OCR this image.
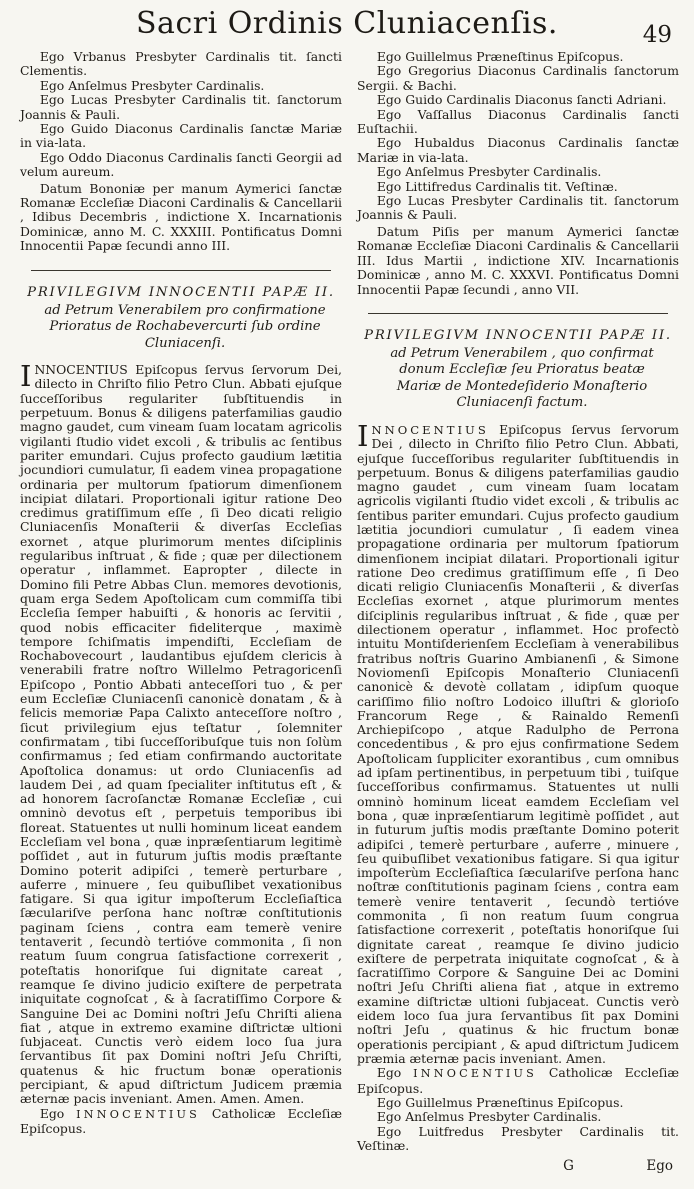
Sacri Ordinis Cluniacenſis.	49

Ego Vrbanus Presbyter Cardinalis tit. ſancti Clementis.

Ego Anſelmus Presbyter Cardinalis.

Ego Lucas Presbyter Cardinalis tit. ſanctorum Joannis & Pauli.

Ego Guido Diaconus Cardinalis ſanctæ Mariæ in via-lata.

Ego Oddo Diaconus Cardinalis ſancti Georgii ad velum aureum.

Datum Bononiæ per manum Aymerici ſanctæ Romanæ Eccleſiæ Diaconi Cardinalis & Cancellarii , Idibus Decembris , indictione X. Incarnationis Dominicæ, anno M. C. XXXIII. Pontificatus Domni Innocentii Papæ ſecundi anno III.

PRIVILEGIVM INNOCENTII PAPÆ II.
ad Petrum Venerabilem pro confirmatione Prioratus de Rochabevercurti ſub ordine Cluniacenſi.

INNOCENTIUS Epiſcopus ſervus ſervorum Dei, dilecto in Chriſto filio Petro Clun. Abbati ejuſque ſucceſſoribus regulariter ſubſtituendis in perpetuum. Bonus & diligens paterfamilias gaudio magno gaudet, cum vineam ſuam locatam agricolis vigilanti ſtudio videt excoli , & tribulis ac ſentibus pariter emundari. Cujus profecto gaudium lætitia jocundiori cumulatur, ſi eadem vinea propagatione ordinaria per multorum ſpatiorum dimenſionem incipiat dilatari. Proportionali igitur ratione Deo credimus gratiſſimum eſſe , ſi Deo dicati religio Cluniacenſis Monaſterii & diverſas Eccleſias exornet , atque plurimorum mentes diſciplinis regularibus inſtruat , & fide ; quæ per dilectionem operatur , inflammet. Eapropter , dilecte in Domino fili Petre Abbas Clun. memores devotionis, quam erga Sedem Apoſtolicam cum commiſſa tibi Eccleſia ſemper habuiſti , & honoris ac ſervitii , quod nobis efficaciter fideliterque , maximè tempore ſchiſmatis impendiſti, Eccleſiam de Rochabovecourt , laudantibus ejuſdem clericis à venerabili fratre noſtro Willelmo Petragoricenſi Epiſcopo , Pontio Abbati anteceſſori tuo , & per eum Eccleſiæ Cluniacenſi canonicè donatam , & à felicis memoriæ Papa Calixto anteceſſore noſtro , ſicut privilegium ejus teſtatur , ſolemniter confirmatam , tibi ſucceſſoribuſque tuis non ſolùm confirmamus ; ſed etiam confirmando auctoritate Apoſtolica donamus: ut ordo Cluniacenſis ad laudem Dei , ad quam ſpecialiter inſtitutus eſt , & ad honorem ſacroſanctæ Romanæ Eccleſiæ , cui omninò devotus eſt , perpetuis temporibus ibi floreat. Statuentes ut nulli hominum liceat eandem Eccleſiam vel bona , quæ inpræſentiarum legitimè poſſidet , aut in futurum juſtis modis præſtante Domino poterit adipiſci , temerè perturbare , auferre , minuere , ſeu quibuſlibet vexationibus fatigare. Si qua igitur impoſterum Eccleſiaſtica ſæculariſve perſona hanc noſtræ conſtitutionis paginam ſciens , contra eam temerè venire tentaverit , ſecundò tertióve commonita , ſi non reatum ſuum congrua ſatisfactione correxerit , poteſtatis honoriſque ſui dignitate careat , reamque ſe divino judicio exiſtere de perpetrata iniquitate cognoſcat , & à ſacratiſſimo Corpore & Sanguine Dei ac Domini noſtri Jeſu Chriſti aliena fiat , atque in extremo examine diſtrictæ ultioni ſubjaceat. Cunctis verò eidem loco ſua jura ſervantibus ſit pax Domini noſtri Jeſu Chriſti, quatenus & hic fructum bonæ operationis percipiant, & apud diſtrictum Judicem præmia æternæ pacis inveniant. Amen. Amen. Amen.

Ego INNOCENTIUS Catholicæ Eccleſiæ Epiſcopus.

Ego Guillelmus Præneſtinus Epiſcopus.

Ego Gregorius Diaconus Cardinalis ſanctorum Sergii. & Bachi.

Ego Guido Cardinalis Diaconus ſancti Adriani.

Ego Vaſſallus Diaconus Cardinalis ſancti Euſtachii.

Ego Hubaldus Diaconus Cardinalis ſanctæ Mariæ in via-lata.

Ego Anſelmus Presbyter Cardinalis.

Ego Littifredus Cardinalis tit. Veſtinæ.

Ego Lucas Presbyter Cardinalis tit. ſanctorum Joannis & Pauli.

Datum Piſis per manum Aymerici ſanctæ Romanæ Eccleſiæ Diaconi Cardinalis & Cancellarii III. Idus Martii , indictione XIV. Incarnationis Dominicæ , anno M. C. XXXVI. Pontificatus Domni Innocentii Papæ ſecundi , anno VII.

PRIVILEGIVM INNOCENTII PAPÆ II.
ad Petrum Venerabilem , quo confirmat donum Eccleſiæ ſeu Prioratus beatæ Mariæ de Montedeſiderio Monaſterio Cluniacenſi factum.

INNOCENTIUS Epiſcopus ſervus ſervorum Dei , dilecto in Chriſto filio Petro Clun. Abbati, ejuſque ſucceſſoribus regulariter ſubſtituendis in perpetuum. Bonus & diligens paterfamilias gaudio magno gaudet , cum vineam ſuam locatam agricolis vigilanti ſtudio videt excoli , & tribulis ac ſentibus pariter emundari. Cujus profecto gaudium lætitia jocundiori cumulatur , ſi eadem vinea propagatione ordinaria per multorum ſpatiorum dimenſionem incipiat dilatari. Proportionali igitur ratione Deo credimus gratiſſimum eſſe , ſi Deo dicati religio Cluniacenſis Monaſterii , & diverſas Eccleſias exornet , atque plurimorum mentes diſciplinis regularibus inſtruat , & fide , quæ per dilectionem operatur , inflammet. Hoc profectò intuitu Montiſderienſem Eccleſiam à venerabilibus fratribus noſtris Guarino Ambianenſi , & Simone Noviomenſi Epiſcopis Monaſterio Cluniacenſi canonicè & devotè collatam , idipſum quoque cariſſimo filio noſtro Lodoico illuſtri & glorioſo Francorum Rege , & Rainaldo Remenſi Archiepiſcopo , atque Radulpho de Perrona concedentibus , & pro ejus confirmatione Sedem Apoſtolicam ſuppliciter exorantibus , cum omnibus ad ipſam pertinentibus, in perpetuum tibi , tuiſque ſucceſſoribus confirmamus. Statuentes ut nulli omninò hominum liceat eamdem Eccleſiam vel bona , quæ inpræſentiarum legitimè poſſidet , aut in futurum juſtis modis præſtante Domino poterit adipiſci , temerè perturbare , auferre , minuere , ſeu quibuſlibet vexationibus fatigare. Si qua igitur impoſterùm Eccleſiaſtica ſæculariſve perſona hanc noſtræ conſtitutionis paginam ſciens , contra eam temerè venire tentaverit , ſecundò tertióve commonita , ſi non reatum ſuum congrua ſatisfactione correxerit , poteſtatis honoriſque ſui dignitate careat , reamque ſe divino judicio exiſtere de perpetrata iniquitate cognoſcat , & à ſacratiſſimo Corpore & Sanguine Dei ac Domini noſtri Jeſu Chriſti aliena fiat , atque in extremo examine diſtrictæ ultioni ſubjaceat. Cunctis verò eidem loco ſua jura ſervantibus ſit pax Domini noſtri Jeſu , quatinus & hic fructum bonæ operationis percipiant , & apud diſtrictum Judicem præmia æternæ pacis inveniant. Amen.

Ego INNOCENTIUS Catholicæ Eccleſiæ Epiſcopus.

Ego Guillelmus Præneſtinus Epiſcopus.

Ego Anſelmus Presbyter Cardinalis.

Ego Luitfredus Presbyter Cardinalis tit. Veſtinæ.

G	Ego
